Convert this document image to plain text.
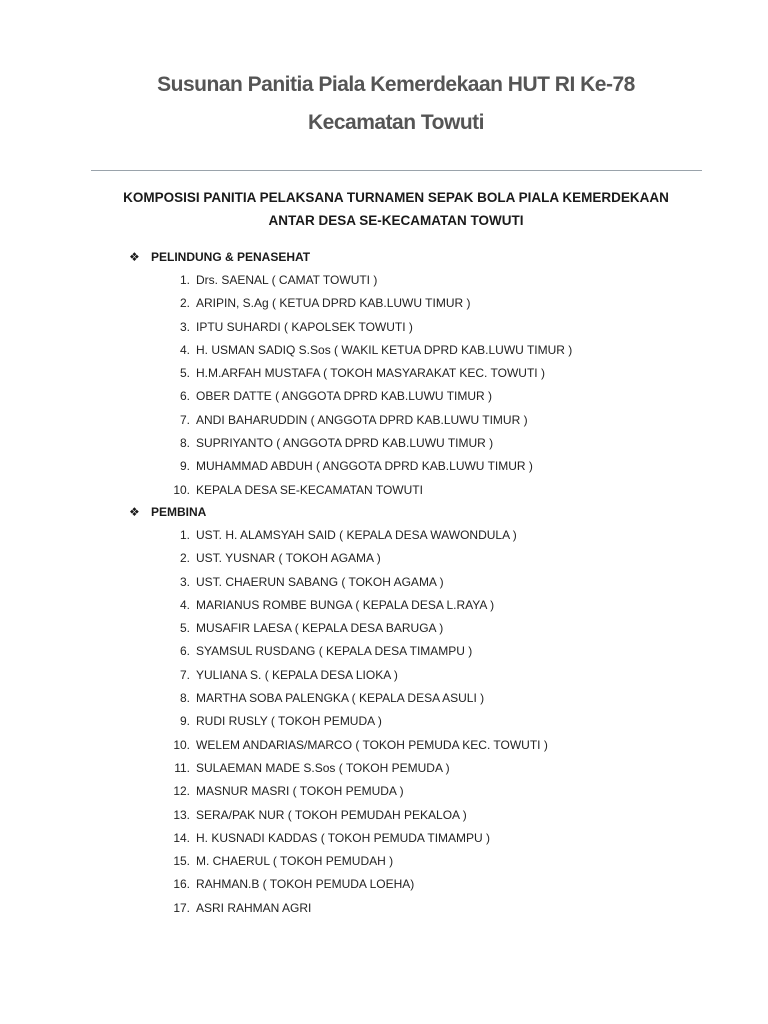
Susunan Panitia Piala Kemerdekaan HUT RI Ke-78
Kecamatan Towuti
KOMPOSISI PANITIA PELAKSANA TURNAMEN SEPAK BOLA PIALA KEMERDEKAAN
ANTAR DESA SE-KECAMATAN TOWUTI
❖ PELINDUNG & PENASEHAT
1. Drs. SAENAL ( CAMAT TOWUTI )
2. ARIPIN, S.Ag ( KETUA DPRD KAB.LUWU TIMUR )
3. IPTU SUHARDI ( KAPOLSEK TOWUTI )
4. H. USMAN SADIQ S.Sos ( WAKIL KETUA DPRD KAB.LUWU TIMUR )
5. H.M.ARFAH MUSTAFA ( TOKOH MASYARAKAT KEC. TOWUTI )
6. OBER DATTE ( ANGGOTA DPRD KAB.LUWU TIMUR )
7. ANDI BAHARUDDIN ( ANGGOTA DPRD KAB.LUWU TIMUR )
8. SUPRIYANTO ( ANGGOTA DPRD KAB.LUWU TIMUR )
9. MUHAMMAD ABDUH ( ANGGOTA DPRD KAB.LUWU TIMUR )
10. KEPALA DESA SE-KECAMATAN TOWUTI
❖ PEMBINA
1. UST. H. ALAMSYAH SAID ( KEPALA DESA WAWONDULA )
2. UST. YUSNAR ( TOKOH AGAMA )
3. UST. CHAERUN SABANG ( TOKOH AGAMA )
4. MARIANUS ROMBE BUNGA ( KEPALA DESA L.RAYA )
5. MUSAFIR LAESA ( KEPALA DESA BARUGA )
6. SYAMSUL RUSDANG ( KEPALA DESA TIMAMPU )
7. YULIANA S. ( KEPALA DESA LIOKA )
8. MARTHA SOBA PALENGKA ( KEPALA DESA ASULI )
9. RUDI RUSLY ( TOKOH PEMUDA )
10. WELEM ANDARIAS/MARCO ( TOKOH PEMUDA KEC. TOWUTI )
11. SULAEMAN MADE S.Sos ( TOKOH PEMUDA )
12. MASNUR MASRI ( TOKOH PEMUDA )
13. SERA/PAK NUR ( TOKOH PEMUDAH PEKALOA )
14. H. KUSNADI KADDAS ( TOKOH PEMUDA TIMAMPU )
15. M. CHAERUL ( TOKOH PEMUDAH )
16. RAHMAN.B ( TOKOH PEMUDA LOEHA)
17. ASRI RAHMAN AGRI
